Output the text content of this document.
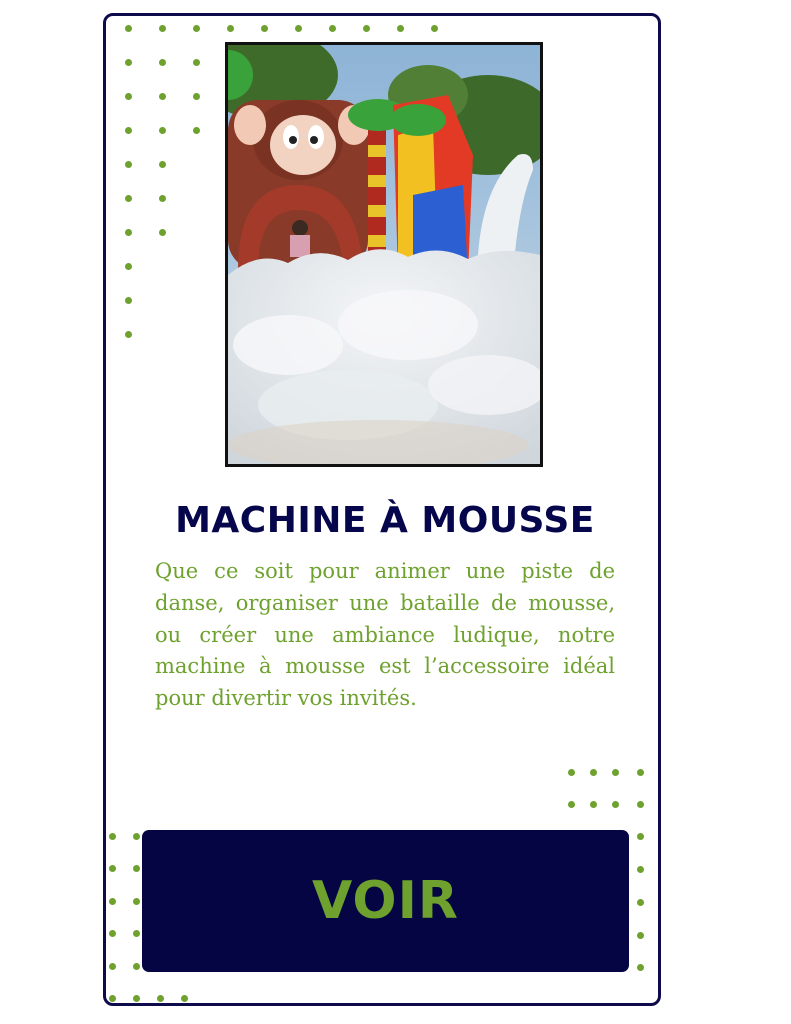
MACHINE À MOUSSE

Que ce soit pour animer une piste de danse, organiser une bataille de mousse, ou créer une ambiance ludique, notre machine à mousse est l’accessoire idéal pour divertir vos invités.

VOIR
